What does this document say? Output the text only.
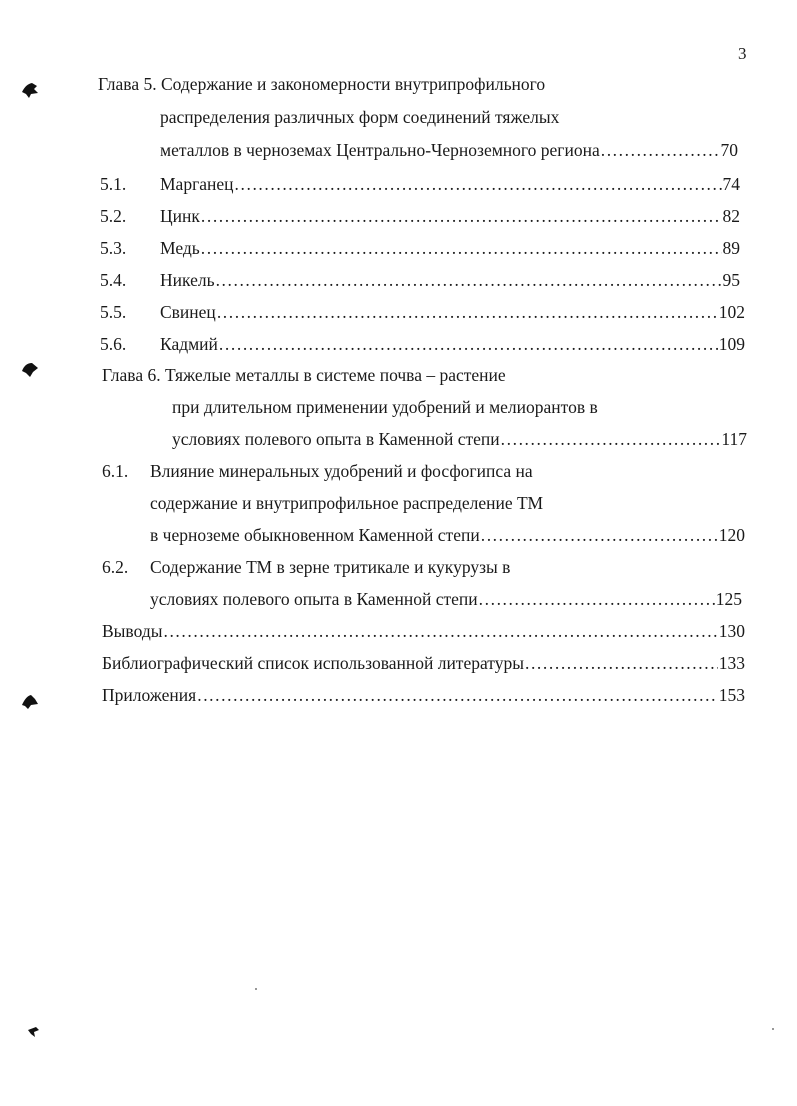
3
Глава 5. Содержание и закономерности внутрипрофильного
распределения различных форм соединений тяжелых
металлов в черноземах Центрально-Черноземного региона .....	70
5.1. Марганец .....	74
5.2. Цинк .....	82
5.3. Медь .....	89
5.4. Никель .....	95
5.5. Свинец .....	102
5.6. Кадмий .....	109
Глава 6. Тяжелые металлы в системе почва – растение
при длительном применении удобрений и мелиорантов в
условиях полевого опыта в Каменной степи .....	117
6.1. Влияние минеральных удобрений и фосфогипса на
содержание и внутрипрофильное распределение ТМ
в черноземе обыкновенном Каменной степи .....	120
6.2. Содержание ТМ в зерне тритикале и кукурузы в
условиях полевого опыта в Каменной степи .....	125
Выводы .....	130
Библиографический список использованной литературы .....	133
Приложения .....	153
